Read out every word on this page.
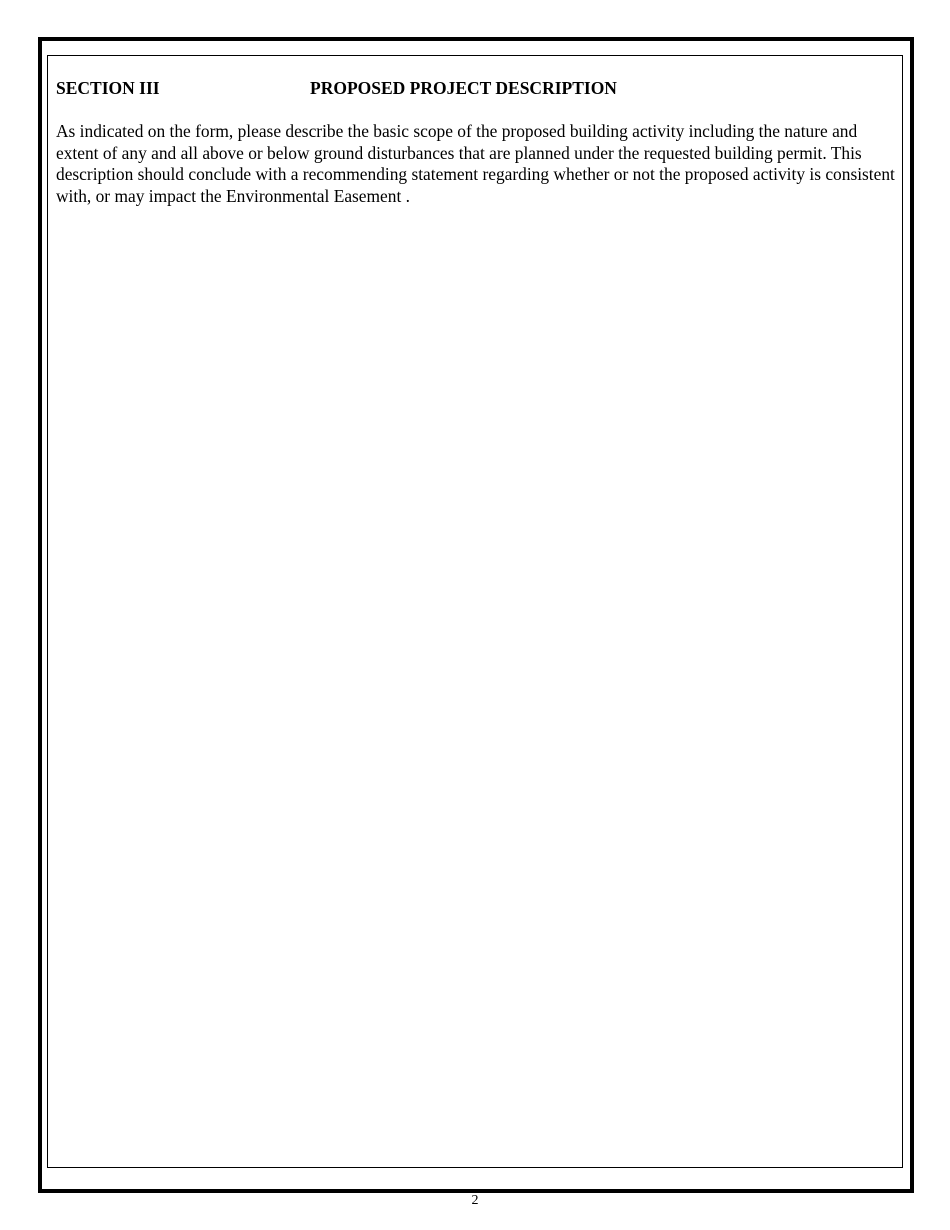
SECTION III	PROPOSED PROJECT DESCRIPTION

As indicated on the form, please describe the basic scope of the proposed building activity including the nature and extent of any and all above or below ground disturbances that are planned under the requested building permit. This description should conclude with a recommending statement regarding whether or not the proposed activity is consistent with, or may impact the Environmental Easement .

2
